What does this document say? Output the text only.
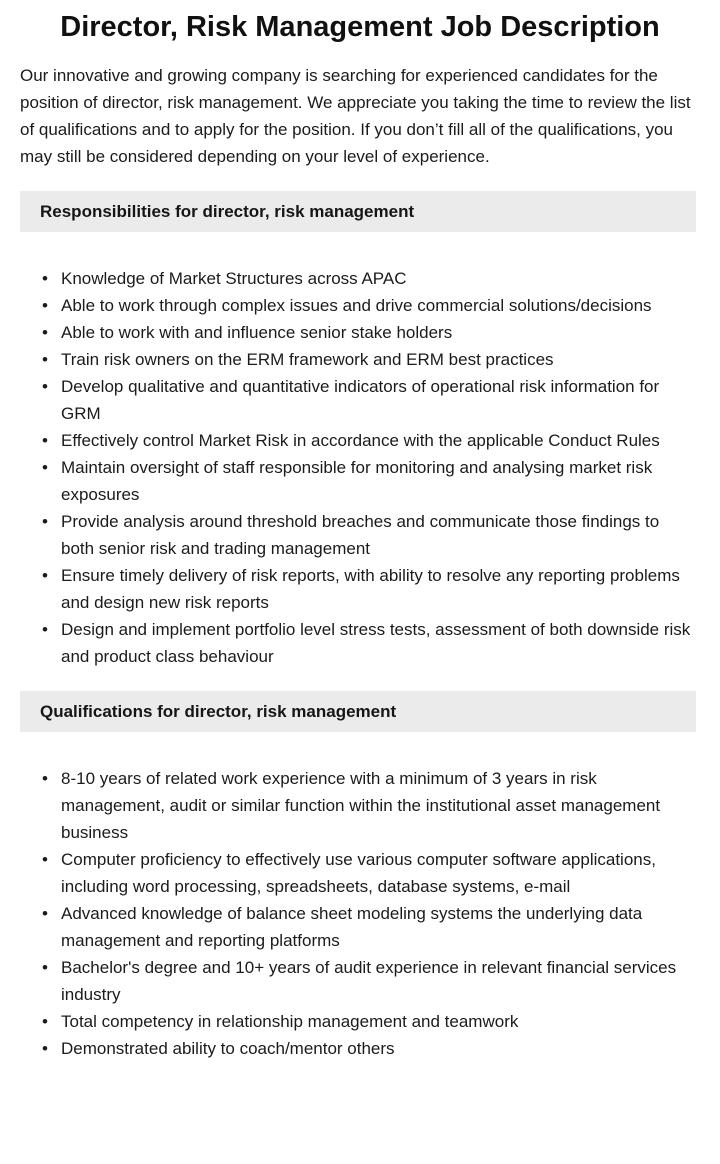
Director, Risk Management Job Description

Our innovative and growing company is searching for experienced candidates for the position of director, risk management. We appreciate you taking the time to review the list of qualifications and to apply for the position. If you don’t fill all of the qualifications, you may still be considered depending on your level of experience.

Responsibilities for director, risk management
• Knowledge of Market Structures across APAC
• Able to work through complex issues and drive commercial solutions/decisions
• Able to work with and influence senior stake holders
• Train risk owners on the ERM framework and ERM best practices
• Develop qualitative and quantitative indicators of operational risk information for GRM
• Effectively control Market Risk in accordance with the applicable Conduct Rules
• Maintain oversight of staff responsible for monitoring and analysing market risk exposures
• Provide analysis around threshold breaches and communicate those findings to both senior risk and trading management
• Ensure timely delivery of risk reports, with ability to resolve any reporting problems and design new risk reports
• Design and implement portfolio level stress tests, assessment of both downside risk and product class behaviour
Qualifications for director, risk management
• 8-10 years of related work experience with a minimum of 3 years in risk management, audit or similar function within the institutional asset management business
• Computer proficiency to effectively use various computer software applications, including word processing, spreadsheets, database systems, e-mail
• Advanced knowledge of balance sheet modeling systems the underlying data management and reporting platforms
• Bachelor's degree and 10+ years of audit experience in relevant financial services industry
• Total competency in relationship management and teamwork
• Demonstrated ability to coach/mentor others
